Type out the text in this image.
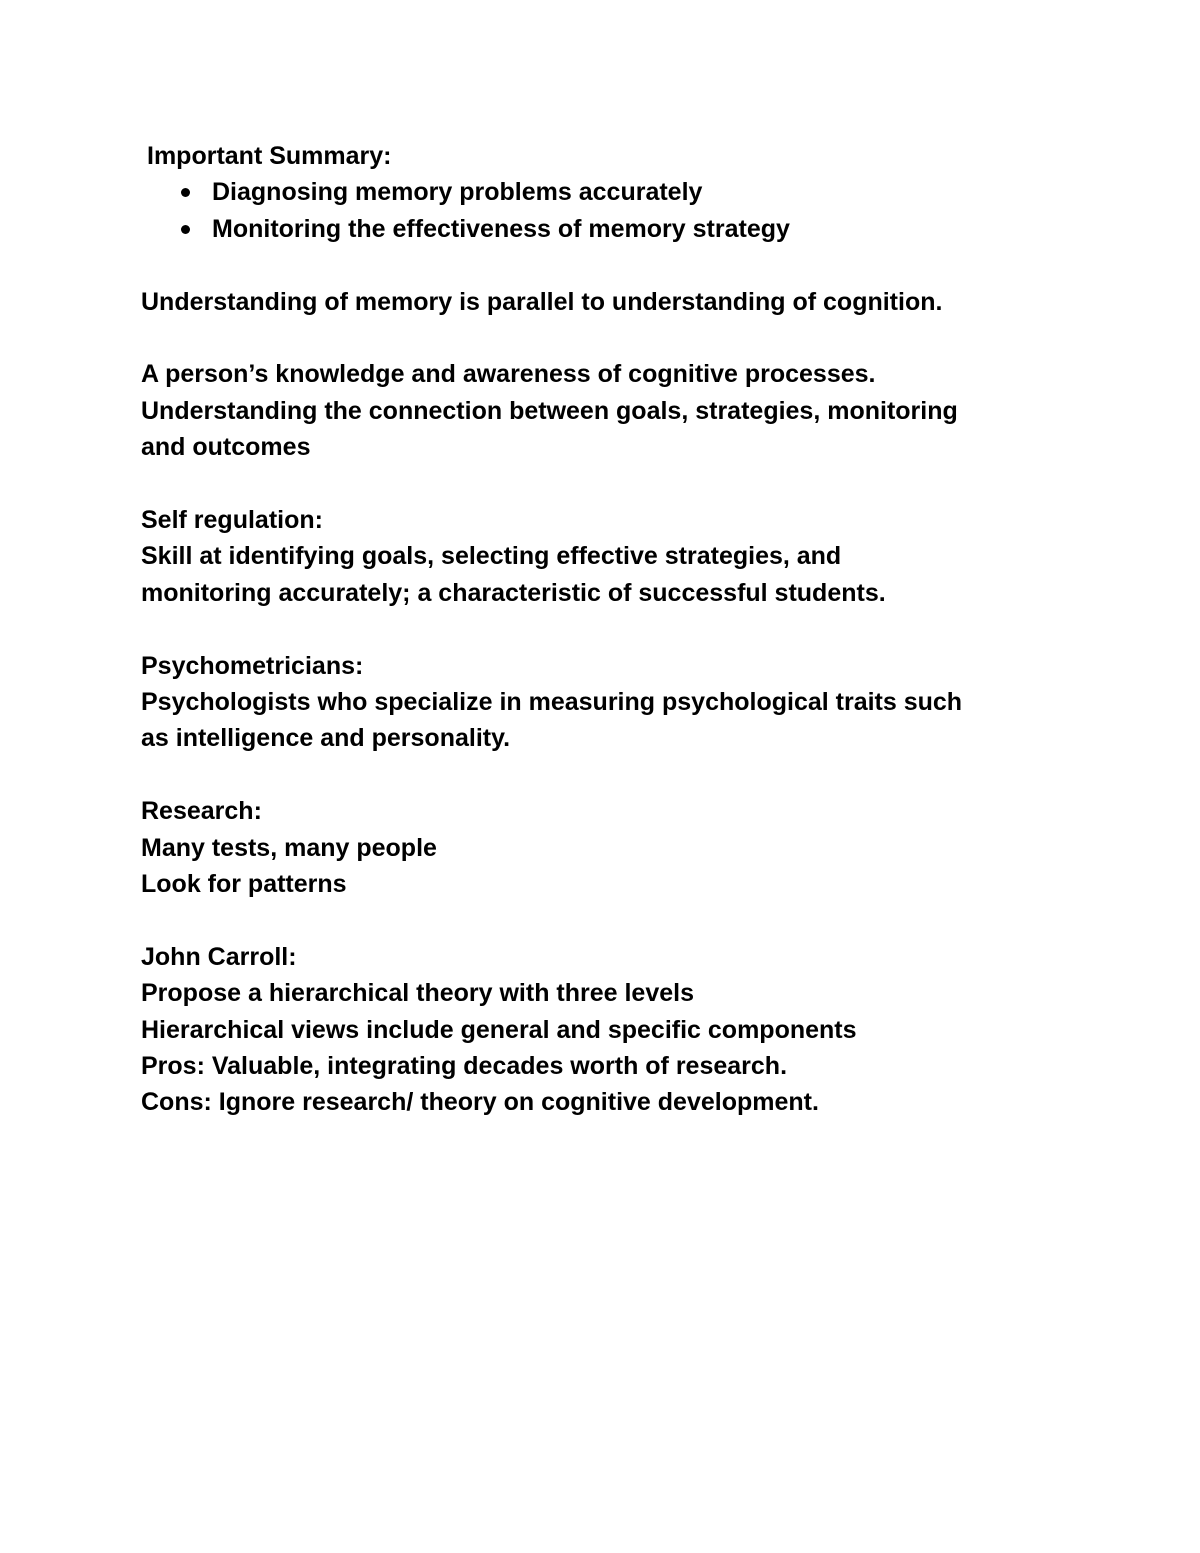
Important Summary:
Diagnosing memory problems accurately
Monitoring the effectiveness of memory strategy
Understanding of memory is parallel to understanding of cognition.
A person’s knowledge and awareness of cognitive processes.
Understanding the connection between goals, strategies, monitoring
and outcomes
Self regulation:
Skill at identifying goals, selecting effective strategies, and
monitoring accurately; a characteristic of successful students.
Psychometricians:
Psychologists who specialize in measuring psychological traits such
as intelligence and personality.
Research:
Many tests, many people
Look for patterns
John Carroll:
Propose a hierarchical theory with three levels
Hierarchical views include general and specific components
Pros: Valuable, integrating decades worth of research.
Cons: Ignore research/ theory on cognitive development.
